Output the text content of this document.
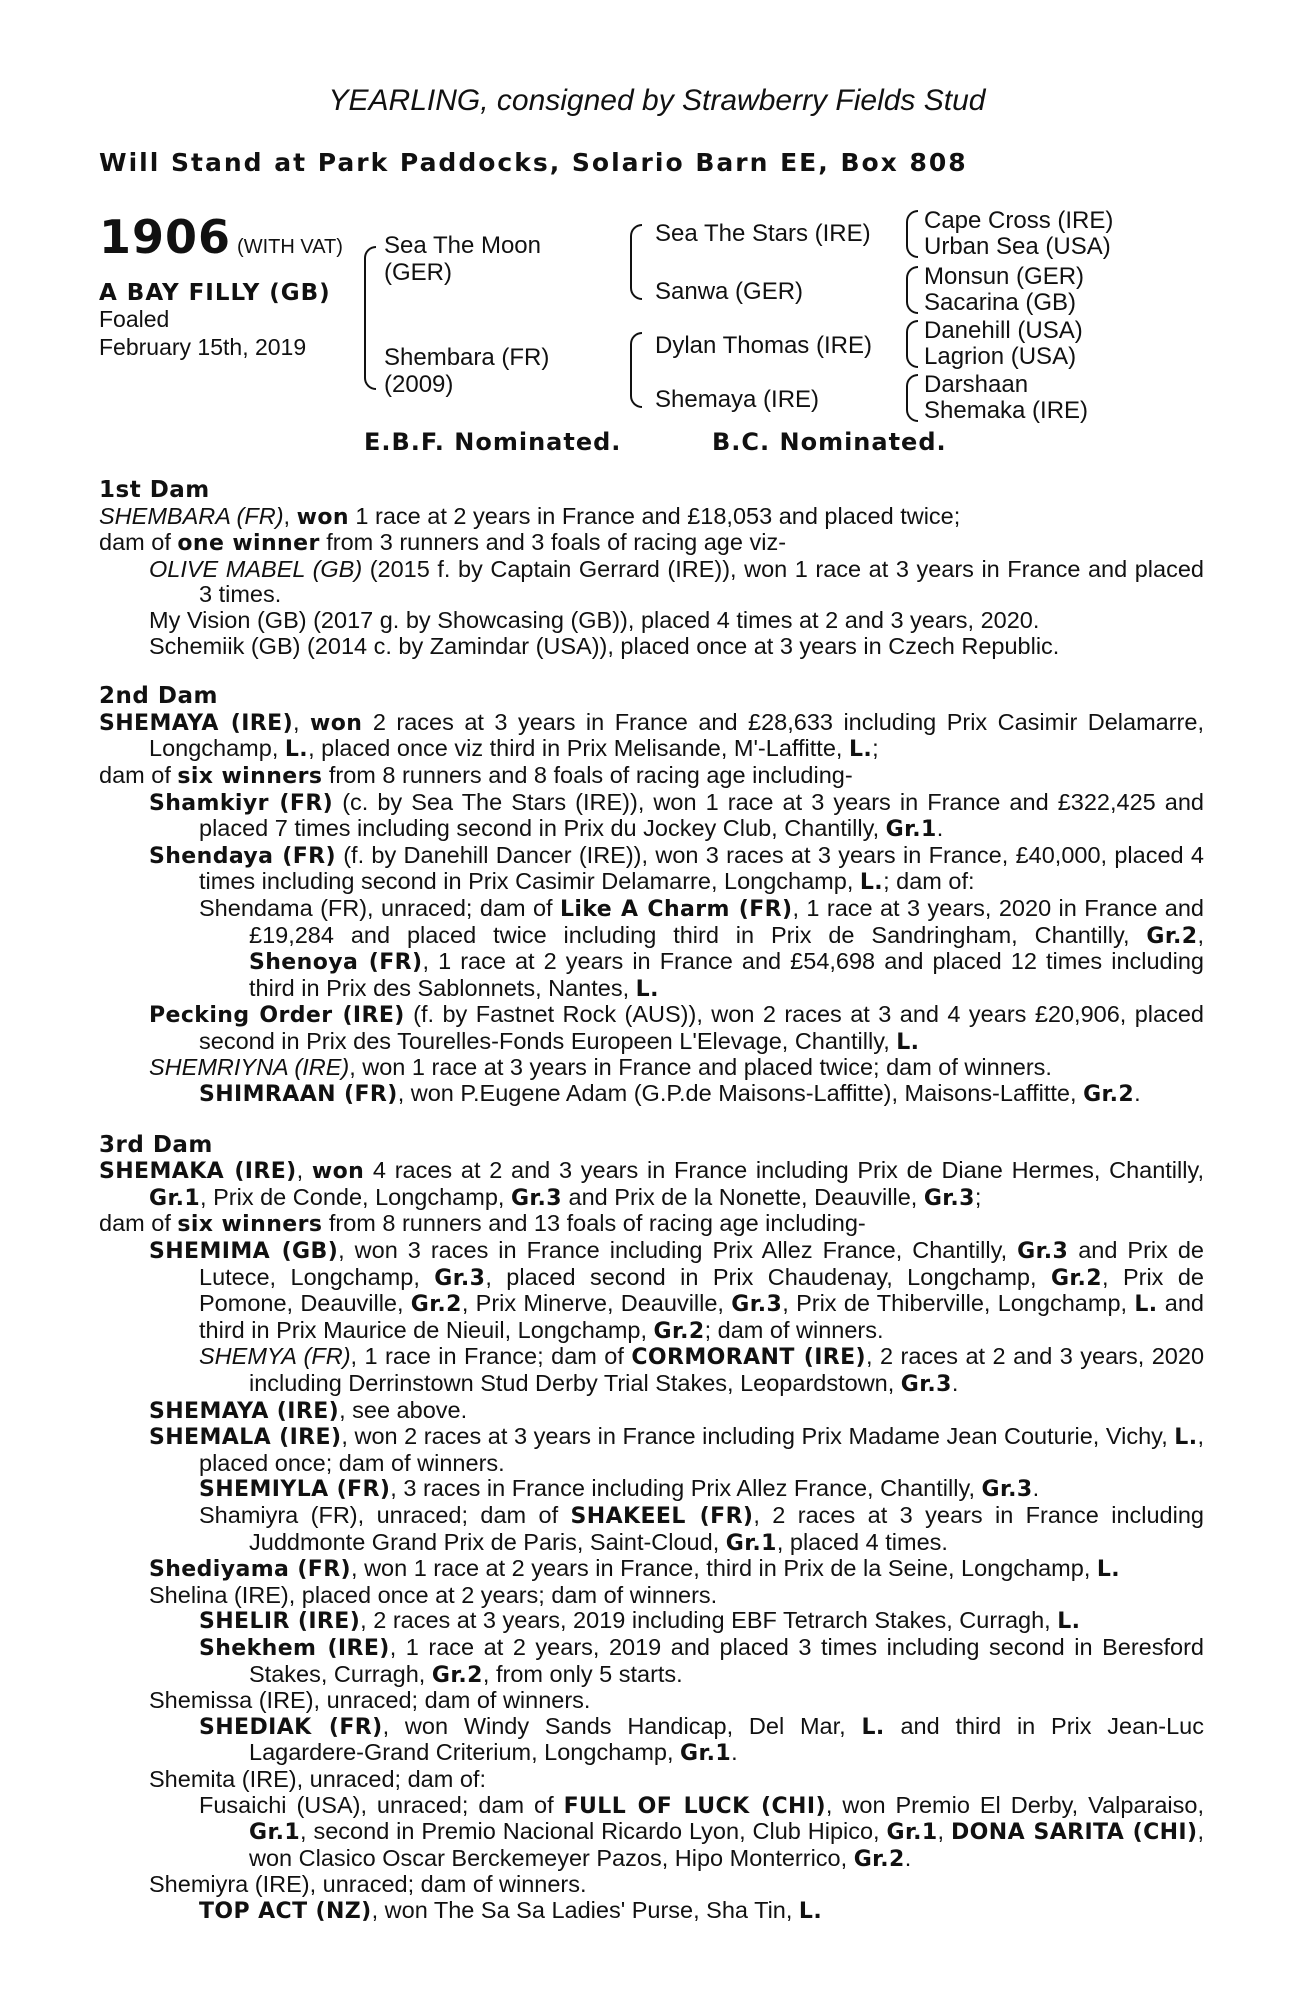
YEARLING, consigned by Strawberry Fields Stud
Will Stand at Park Paddocks, Solario Barn EE, Box 808
1906 (WITH VAT)
A BAY FILLY (GB)
Foaled
February 15th, 2019
Sea The Moon (GER)
Shembara (FR) (2009)
Sea The Stars (IRE)
Sanwa (GER)
Dylan Thomas (IRE)
Shemaya (IRE)
Cape Cross (IRE)
Urban Sea (USA)
Monsun (GER)
Sacarina (GB)
Danehill (USA)
Lagrion (USA)
Darshaan
Shemaka (IRE)
E.B.F. Nominated.	B.C. Nominated.

1st Dam

SHEMBARA (FR), won 1 race at 2 years in France and £18,053 and placed twice;

dam of one winner from 3 runners and 3 foals of racing age viz-

OLIVE MABEL (GB) (2015 f. by Captain Gerrard (IRE)), won 1 race at 3 years in France and placed 3 times.

My Vision (GB) (2017 g. by Showcasing (GB)), placed 4 times at 2 and 3 years, 2020.

Schemiik (GB) (2014 c. by Zamindar (USA)), placed once at 3 years in Czech Republic.

2nd Dam

SHEMAYA (IRE), won 2 races at 3 years in France and £28,633 including Prix Casimir Delamarre, Longchamp, L., placed once viz third in Prix Melisande, M'-Laffitte, L.;

dam of six winners from 8 runners and 8 foals of racing age including-

Shamkiyr (FR) (c. by Sea The Stars (IRE)), won 1 race at 3 years in France and £322,425 and placed 7 times including second in Prix du Jockey Club, Chantilly, Gr.1.

Shendaya (FR) (f. by Danehill Dancer (IRE)), won 3 races at 3 years in France, £40,000, placed 4 times including second in Prix Casimir Delamarre, Longchamp, L.; dam of:

Shendama (FR), unraced; dam of Like A Charm (FR), 1 race at 3 years, 2020 in France and £19,284 and placed twice including third in Prix de Sandringham, Chantilly, Gr.2, Shenoya (FR), 1 race at 2 years in France and £54,698 and placed 12 times including third in Prix des Sablonnets, Nantes, L.

Pecking Order (IRE) (f. by Fastnet Rock (AUS)), won 2 races at 3 and 4 years £20,906, placed second in Prix des Tourelles-Fonds Europeen L'Elevage, Chantilly, L.

SHEMRIYNA (IRE), won 1 race at 3 years in France and placed twice; dam of winners.

SHIMRAAN (FR), won P.Eugene Adam (G.P.de Maisons-Laffitte), Maisons-Laffitte, Gr.2.

3rd Dam

SHEMAKA (IRE), won 4 races at 2 and 3 years in France including Prix de Diane Hermes, Chantilly, Gr.1, Prix de Conde, Longchamp, Gr.3 and Prix de la Nonette, Deauville, Gr.3;

dam of six winners from 8 runners and 13 foals of racing age including-

SHEMIMA (GB), won 3 races in France including Prix Allez France, Chantilly, Gr.3 and Prix de Lutece, Longchamp, Gr.3, placed second in Prix Chaudenay, Longchamp, Gr.2, Prix de Pomone, Deauville, Gr.2, Prix Minerve, Deauville, Gr.3, Prix de Thiberville, Longchamp, L. and third in Prix Maurice de Nieuil, Longchamp, Gr.2; dam of winners.

SHEMYA (FR), 1 race in France; dam of CORMORANT (IRE), 2 races at 2 and 3 years, 2020 including Derrinstown Stud Derby Trial Stakes, Leopardstown, Gr.3.

SHEMAYA (IRE), see above.

SHEMALA (IRE), won 2 races at 3 years in France including Prix Madame Jean Couturie, Vichy, L., placed once; dam of winners.

SHEMIYLA (FR), 3 races in France including Prix Allez France, Chantilly, Gr.3.

Shamiyra (FR), unraced; dam of SHAKEEL (FR), 2 races at 3 years in France including Juddmonte Grand Prix de Paris, Saint-Cloud, Gr.1, placed 4 times.

Shediyama (FR), won 1 race at 2 years in France, third in Prix de la Seine, Longchamp, L.

Shelina (IRE), placed once at 2 years; dam of winners.

SHELIR (IRE), 2 races at 3 years, 2019 including EBF Tetrarch Stakes, Curragh, L.

Shekhem (IRE), 1 race at 2 years, 2019 and placed 3 times including second in Beresford Stakes, Curragh, Gr.2, from only 5 starts.

Shemissa (IRE), unraced; dam of winners.

SHEDIAK (FR), won Windy Sands Handicap, Del Mar, L. and third in Prix Jean-Luc Lagardere-Grand Criterium, Longchamp, Gr.1.

Shemita (IRE), unraced; dam of:

Fusaichi (USA), unraced; dam of FULL OF LUCK (CHI), won Premio El Derby, Valparaiso, Gr.1, second in Premio Nacional Ricardo Lyon, Club Hipico, Gr.1, DONA SARITA (CHI), won Clasico Oscar Berckemeyer Pazos, Hipo Monterrico, Gr.2.

Shemiyra (IRE), unraced; dam of winners.

TOP ACT (NZ), won The Sa Sa Ladies' Purse, Sha Tin, L.
